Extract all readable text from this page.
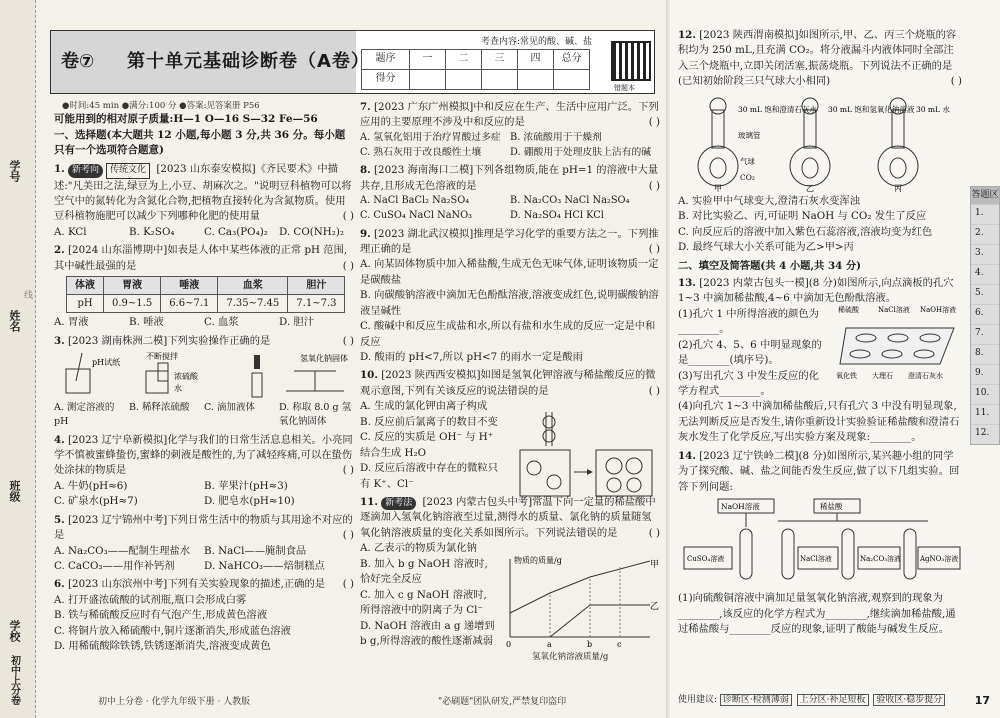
学号
姓名
班级
学校
线
初中上分卷
卷⑦ 第十单元基础诊断卷（A卷）
考查内容:常见的酸、碱、盐
题序	一	二	三	四	总分
得分					
错题本
●时间:45 min ●满分:100 分 ●答案:见答案册 P56
可能用到的相对原子质量:H—1 O—16 S—32 Fe—56
一、选择题(本大题共 12 小题,每小题 3 分,共 36 分。每小题只有一个选项符合题意)
1. 新考向 传统文化 [2023 山东泰安模拟]《齐民要术》中描述:"凡美田之法,绿豆为上,小豆、胡麻次之。"说明豆科植物可以将空气中的氮转化为含氮化合物,把植物直接转化为含氮物质。使用豆科植物施肥可以减少下列哪种化肥的使用量	( )
A. KCl	B. K₂SO₄	C. Ca₃(PO₄)₂	D. CO(NH₂)₂
2. [2024 山东淄博期中]如表是人体中某些体液的正常 pH 范围,其中碱性最强的是	( )
体液	胃液	唾液	血浆	胆汁
pH	0.9~1.5	6.6~7.1	7.35~7.45	7.1~7.3
A. 胃液	B. 唾液	C. 血浆	D. 胆汁
3. [2023 湖南株洲二模]下列实验操作正确的是	( )
pH试纸
不断搅拌
浓硫酸
水
氢氧化钠固体
A. 测定溶液的 pH
B. 稀释浓硫酸	C. 滴加液体	D. 称取 8.0 g 氢氧化钠固体
4. [2023 辽宁阜新模拟]化学与我们的日常生活息息相关。小亮同学不慎被蜜蜂蛰伤,蜜蜂的刺液是酸性的,为了减轻疼痛,可以在蛰伤处涂抹的物质是	( )
A. 牛奶(pH≈6)	B. 苹果汁(pH≈3)
C. 矿泉水(pH≈7)	D. 肥皂水(pH≈10)
5. [2023 辽宁锦州中考]下列日常生活中的物质与其用途不对应的是	( )
A. Na₂CO₃——配制生理盐水	B. NaCl——腌制食品
C. CaCO₃——用作补钙剂	D. NaHCO₃——焙制糕点
6. [2023 山东滨州中考]下列有关实验现象的描述,正确的是 ( )
A. 打开盛浓硫酸的试剂瓶,瓶口会形成白雾
B. 铁与稀硫酸反应时有气泡产生,形成黄色溶液
C. 将铜片放入稀硫酸中,铜片逐渐消失,形成蓝色溶液
D. 用稀硫酸除铁锈,铁锈逐渐消失,溶液变成黄色
7. [2023 广东广州模拟]中和反应在生产、生活中应用广泛。下列应用的主要原理不涉及中和反应的是	( )
A. 氢氧化铝用于治疗胃酸过多症 B. 浓硫酸用于干燥剂
C. 熟石灰用于改良酸性土壤	D. 硼酸用于处理皮肤上沾有的碱
8. [2023 海南海口二模]下列各组物质,能在 pH=1 的溶液中大量共存,且形成无色溶液的是	( )
A. NaCl BaCl₂ Na₂SO₄	B. Na₂CO₃ NaCl Na₂SO₄
C. CuSO₄ NaCl NaNO₃	D. Na₂SO₄ HCl KCl
9. [2023 湖北武汉模拟]推理是学习化学的重要方法之一。下列推理正确的是	( )
A. 向某固体物质中加入稀盐酸,生成无色无味气体,证明该物质一定是碳酸盐
B. 向碳酸钠溶液中滴加无色酚酞溶液,溶液变成红色,说明碳酸钠溶液呈碱性
C. 酸碱中和反应生成盐和水,所以有盐和水生成的反应一定是中和反应
D. 酸雨的 pH<7,所以 pH<7 的雨水一定是酸雨
10. [2023 陕西西安模拟]如图是氢氧化钾溶液与稀盐酸反应的微观示意图,下列有关该反应的说法错误的是	( )
A. 生成的氯化钾由离子构成
B. 反应前后氯离子的数目不变
C. 反应的实质是 OH⁻ 与 H⁺ 结合生成 H₂O
D. 反应后溶液中存在的微粒只有 K⁺、Cl⁻
11. 新考法 [2023 内蒙古包头中考]常温下向一定量的稀盐酸中逐滴加入氢氧化钠溶液至过量,测得水的质量、氯化钠的质量随氢氧化钠溶液质量的变化关系如图所示。下列说法错误的是	( )
A. 乙表示的物质为氯化钠
B. 加入 b g NaOH 溶液时,恰好完全反应
C. 加入 c g NaOH 溶液时,所得溶液中的阴离子为 Cl⁻
D. NaOH 溶液由 a g 递增到 b g,所得溶液的酸性逐渐减弱
物质的质量/g	甲
乙
0	a	b	c
氢氧化钠溶液质量/g
初中上分卷 · 化学九年级下册 · 人教版	"必刷题"团队研发,严禁复印盗印
12. [2023 陕西渭南模拟]如图所示,甲、乙、丙三个烧瓶的容积均为 250 mL,且充满 CO₂。将分液漏斗内液体同时全部注入三个烧瓶中,立即关闭活塞,振荡烧瓶。下列说法不正确的是(已知初始阶段三只气球大小相同)	( )
30 mL 饱和澄清石灰水 30 mL 饱和氢氧化钠溶液 30 mL 水
玻璃管
气球
CO₂
甲	乙	丙
A. 实验甲中气球变大,澄清石灰水变浑浊
B. 对比实验乙、丙,可证明 NaOH 与 CO₂ 发生了反应
C. 向反应后的溶液中加入紫色石蕊溶液,溶液均变为红色
D. 最终气球大小关系可能为乙>甲>丙
二、填空及简答题(共 4 小题,共 34 分)
13. [2023 内蒙古包头一模](8 分)如图所示,向点滴板的孔穴 1~3 中滴加稀盐酸,4~6 中滴加无色酚酞溶液。
(1)孔穴 1 中所得溶液的颜色为________。
(2)孔穴 4、5、6 中明显现象的是________(填序号)。
(3)写出孔穴 3 中发生反应的化学方程式________。
稀硫酸	NaCl溶液 NaOH溶液
氧化铁 大理石 澄清石灰水
(4)向孔穴 1~3 中滴加稀盐酸后,只有孔穴 3 中没有明显现象,无法判断反应是否发生,请你重新设计实验验证稀盐酸和澄清石灰水发生了化学反应,写出实验方案及现象:________。
14. [2023 辽宁铁岭二模](8 分)如图所示,某兴趣小组的同学为了探究酸、碱、盐之间能否发生反应,做了以下几组实验。回答下列问题:
NaOH溶液	稀盐酸
CuSO₄溶液	NaCl溶液	Na₂CO₃溶液	AgNO₃溶液
(1)向硫酸铜溶液中滴加足量氢氧化钠溶液,观察到的现象为________,该反应的化学方程式为________,继续滴加稀盐酸,通过稀盐酸与________反应的现象,证明了酸能与碱发生反应。
答题区
1.
2.
3.
4.
5.
6.
7.
8.
9.
10.
11.
12.
使用建议: 诊断区·检测薄弱 上分区·补足短板 验收区·稳步提分	17
